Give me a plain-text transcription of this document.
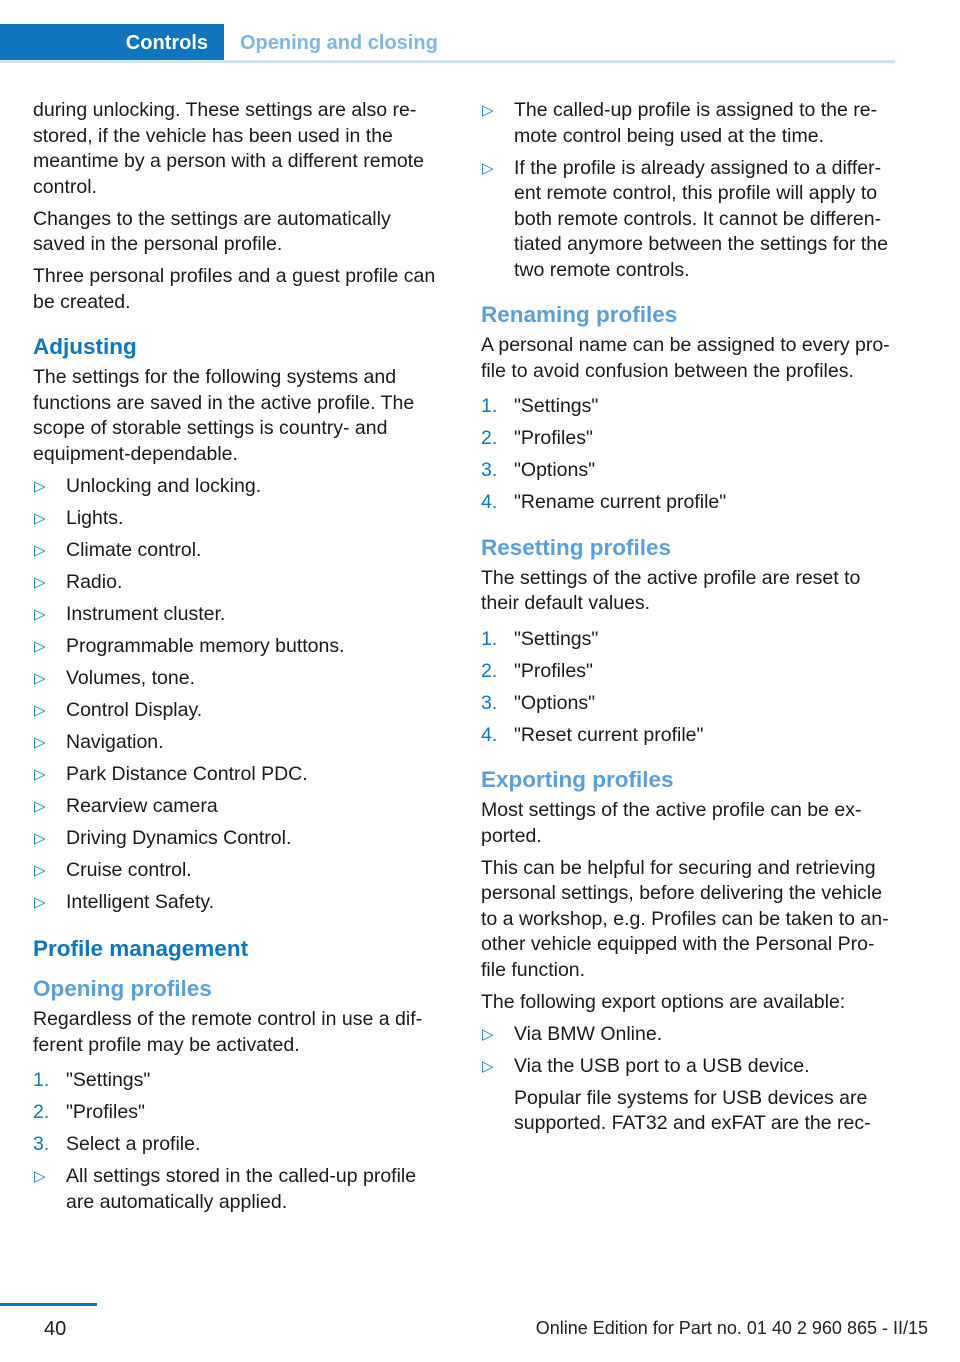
Controls	Opening and closing

during unlocking. These settings are also re-stored, if the vehicle has been used in the meantime by a person with a different remote control.

Changes to the settings are automatically saved in the personal profile.

Three personal profiles and a guest profile can be created.

Adjusting

The settings for the following systems and functions are saved in the active profile. The scope of storable settings is country- and equipment-dependable.

▷ Unlocking and locking.
▷ Lights.
▷ Climate control.
▷ Radio.
▷ Instrument cluster.
▷ Programmable memory buttons.
▷ Volumes, tone.
▷ Control Display.
▷ Navigation.
▷ Park Distance Control PDC.
▷ Rearview camera
▷ Driving Dynamics Control.
▷ Cruise control.
▷ Intelligent Safety.
Profile management
Opening profiles

Regardless of the remote control in use a dif-ferent profile may be activated.

1. "Settings"
2. "Profiles"
3. Select a profile.
▷ All settings stored in the called-up profile are automatically applied.
▷ The called-up profile is assigned to the re-mote control being used at the time.
▷ If the profile is already assigned to a differ-ent remote control, this profile will apply to both remote controls. It cannot be differen-tiated anymore between the settings for the two remote controls.
Renaming profiles

A personal name can be assigned to every pro-file to avoid confusion between the profiles.

1. "Settings"
2. "Profiles"
3. "Options"
4. "Rename current profile"
Resetting profiles

The settings of the active profile are reset to their default values.

1. "Settings"
2. "Profiles"
3. "Options"
4. "Reset current profile"
Exporting profiles

Most settings of the active profile can be ex-ported.

This can be helpful for securing and retrieving personal settings, before delivering the vehicle to a workshop, e.g. Profiles can be taken to an-other vehicle equipped with the Personal Pro-file function.

The following export options are available:

▷ Via BMW Online.
▷ Via the USB port to a USB device.

Popular file systems for USB devices are supported. FAT32 and exFAT are the rec-

40	Online Edition for Part no. 01 40 2 960 865 - II/15
